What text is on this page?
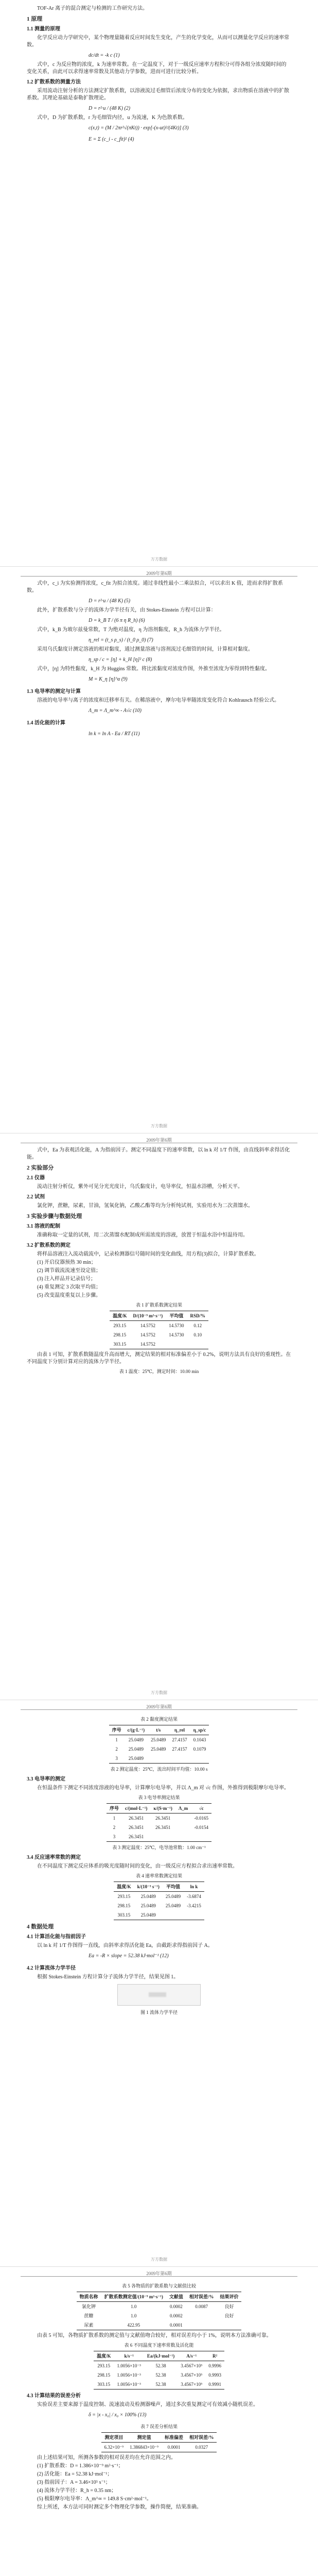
TOF-Ar 离子的混合测定与检测的工作研究方法。

1 原理
1.1 测量的原理

化学反应动力学研究中，某个物理量随着反应时间发生变化，产生的化学变化，从而可以测量化学反应的速率常数。

dc/dt = -k c (1)

式中，c 为反应物的浓度，k 为速率常数。在一定温度下，对于一级反应速率方程积分可得各组分浓度随时间的变化关系，由此可以求得速率常数及其他动力学参数，进而可进行比较分析。

1.2 扩散系数的测量方法

采用流动注射分析的方法测定扩散系数，以溶液流过毛细管后浓度分布的变化为依据，求出物质在溶液中的扩散系数。其理论基础是泰勒扩散理论。

D = r²·u / (48 K) (2)

式中，D 为扩散系数，r 为毛细管内径，u 为流速，K 为色散系数。

c(x,t) = (M / 2πr²√(πKt)) · exp[-(x-ut)²/(4Kt)] (3)
E = Σ (c_i - c_fit)² (4)
万方数据
2009年第6期

式中，c_i 为实验测得浓度，c_fit 为拟合浓度。通过非线性最小二乘法拟合，可以求出 K 值，进而求得扩散系数。

D = r²·u / (48 K) (5)

此外，扩散系数与分子的流体力学半径有关，由 Stokes-Einstein 方程可以计算：

D = k_B T / (6 π η R_h) (6)

式中，k_B 为玻尔兹曼常数，T 为绝对温度，η 为溶剂黏度，R_h 为流体力学半径。

η_rel = (t_s ρ_s) / (t_0 ρ_0) (7)

采用乌氏黏度计测定溶液的相对黏度，通过测量溶液与溶剂流过毛细管的时间，计算相对黏度。

η_sp / c = [η] + k_H [η]² c (8)

式中，[η] 为特性黏度，k_H 为 Huggins 常数。将比浓黏度对浓度作图，外推至浓度为零得到特性黏度。

M = K_η [η]^α (9)
1.3 电导率的测定与计算

溶液的电导率与离子的浓度和迁移率有关。在稀溶液中，摩尔电导率随浓度变化符合 Kohlrausch 经验公式。

Λ_m = Λ_m^∞ - A√c (10)
1.4 活化能的计算
ln k = ln A - Ea / RT (11)
万方数据
2009年第6期

式中，Ea 为表观活化能，A 为指前因子。测定不同温度下的速率常数，以 ln k 对 1/T 作图，由直线斜率求得活化能。

2 实验部分
2.1 仪器

流动注射分析仪，紫外可见分光光度计，乌氏黏度计，电导率仪，恒温水浴槽，分析天平。

2.2 试剂

氯化钾，蔗糖，尿素，甘油，氢氧化钠，乙酸乙酯等均为分析纯试剂，实验用水为二次蒸馏水。

3 实验步骤与数据处理
3.1 溶液的配制

准确称取一定量的试剂，用二次蒸馏水配制成所需浓度的溶液，放置于恒温水浴中恒温待用。

3.2 扩散系数的测定

将样品溶液注入流动载流中，记录检测器信号随时间的变化曲线，用方程(3)拟合，计算扩散系数。

(1) 开启仪器预热 30 min；
(2) 调节载流流速至设定值；
(3) 注入样品并记录信号；
(4) 重复测定 3 次取平均值；
(5) 改变温度重复以上步骤。
表 1 扩散系数测定结果
温度/K	D/(10⁻⁹ m²·s⁻¹)	平均值	RSD/%
293.15	14.5752	14.5730	0.12
298.15	14.5752	14.5730	0.10
303.15	14.5752		

由表 1 可知，扩散系数随温度升高而增大，测定结果的相对标准偏差小于 0.2%，说明方法具有良好的重现性。在不同温度下分别计算对应的流体力学半径。

表 1 温度：25℃，测定时间：10.00 min
万方数据
2009年第6期
表 2 黏度测定结果
序号	c/(g·L⁻¹)	t/s	η_rel	η_sp/c
1	25.0489	25.0489	27.4157	0.1043
2	25.0489	25.0489	27.4157	0.1079
3	25.0489			
表 2 测定温度：25℃，流出时间平均值：10.00 s
3.3 电导率的测定

在恒温条件下测定不同浓度溶液的电导率，计算摩尔电导率，并以 Λ_m 对 √c 作图，外推得到极限摩尔电导率。

表 3 电导率测定结果
序号	c/(mol·L⁻¹)	κ/(S·m⁻¹)	Λ_m	√c
1	26.3451	26.3451		-0.0165
2	26.3451	26.3451		-0.0154
3	26.3451			
表 3 测定温度：25℃，电导池常数：1.00 cm⁻¹
3.4 反应速率常数的测定

在不同温度下测定反应体系的吸光度随时间的变化，由一级反应方程拟合求出速率常数。

表 4 速率常数测定结果
温度/K	k/(10⁻³ s⁻¹)	平均值	ln k
293.15	25.0489	25.0489	-3.6874
298.15	25.0489	25.0489	-3.4215
303.15	25.0489		
4 数据处理
4.1 计算活化能与指前因子

以 ln k 对 1/T 作图得一直线，由斜率求得活化能 Ea，由截距求得指前因子 A。

Ea = -R × slope = 52.38 kJ·mol⁻¹ (12)
4.2 计算流体力学半径

根据 Stokes-Einstein 方程计算分子流体力学半径，结果见图 1。

图 1 流体力学半径
万方数据
2009年第6期
表 5 各物质的扩散系数与文献值比较
物质名称	扩散系数测定值/(10⁻⁹ m²·s⁻¹)	文献值	相对误差/%	结果评价
氯化钾	1.0	0.0002	0.0087	良好
蔗糖	1.0	0.0002		良好
尿素	422.95	0.0001		

由表 5 可知，各物质扩散系数的测定值与文献值吻合较好，相对误差均小于 1%，说明本方法准确可靠。

表 6 不同温度下速率常数及活化能
温度/K	k/s⁻¹	Ea/(kJ·mol⁻¹)	A/s⁻¹	R²
293.15	1.0056×10⁻³	52.38	3.4567×10⁵	0.9996
298.15	1.0056×10⁻³	52.38	3.4567×10⁵	0.9993
303.15	1.0056×10⁻³	52.38	3.4567×10⁵	0.9991
4.3 计算结果的误差分析

实验误差主要来源于温度控制、流速波动及检测器噪声，通过多次重复测定可有效减小随机误差。

δ = |x - x₀| / x₀ × 100% (13)
表 7 误差分析结果
测定项目	测定值	标准偏差	相对误差/%
6.32×10⁻⁹	1.386843×10⁻⁹	0.0001	0.0327

由上述结果可知，所测各参数的相对误差均在允许范围之内。

(1) 扩散系数：D = 1.386×10⁻⁹ m²·s⁻¹；
(2) 活化能：Ea = 52.38 kJ·mol⁻¹；
(3) 指前因子：A = 3.46×10⁵ s⁻¹；
(4) 流体力学半径：R_h = 0.35 nm；
(5) 极限摩尔电导率：Λ_m^∞ = 149.8 S·cm²·mol⁻¹。

综上所述，本方法可同时测定多个物理化学参数，操作简便，结果准确。
